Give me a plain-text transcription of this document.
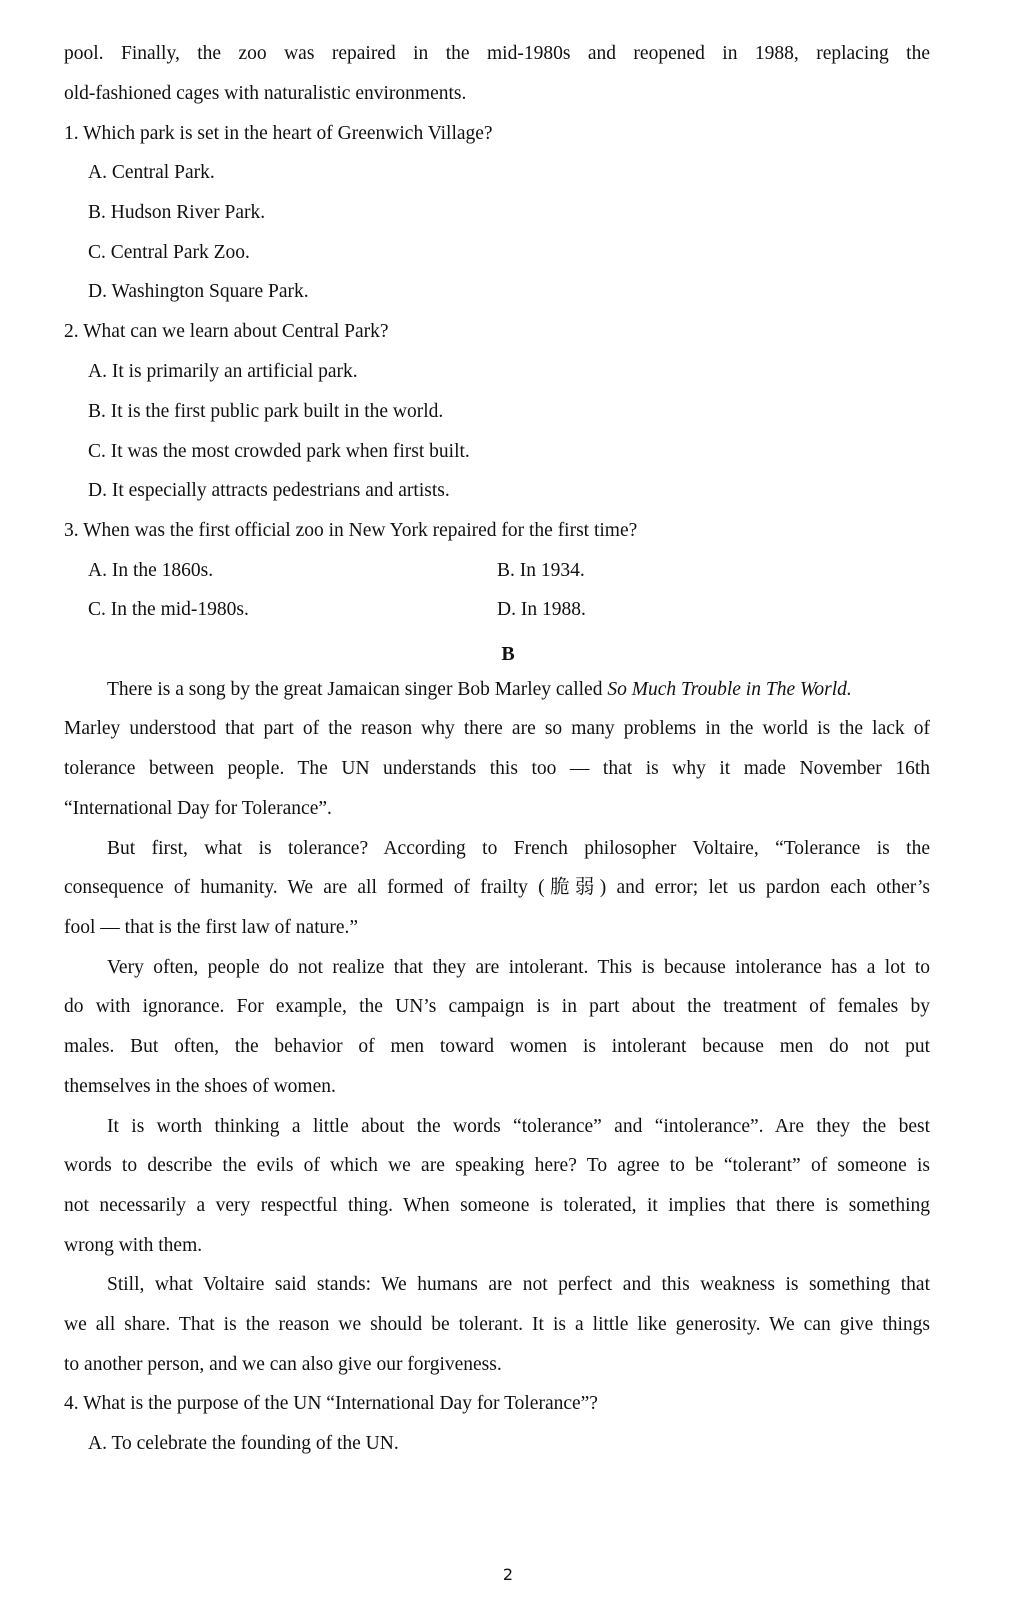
pool. Finally, the zoo was repaired in the mid-1980s and reopened in 1988, replacing the
old-fashioned cages with naturalistic environments.
1. Which park is set in the heart of Greenwich Village?
A. Central Park.
B. Hudson River Park.
C. Central Park Zoo.
D. Washington Square Park.
2. What can we learn about Central Park?
A. It is primarily an artificial park.
B. It is the first public park built in the world.
C. It was the most crowded park when first built.
D. It especially attracts pedestrians and artists.
3. When was the first official zoo in New York repaired for the first time?
A. In the 1860s.	B. In 1934.
C. In the mid-1980s.	D. In 1988.
B
There is a song by the great Jamaican singer Bob Marley called So Much Trouble in The World.
Marley understood that part of the reason why there are so many problems in the world is the lack of
tolerance between people. The UN understands this too — that is why it made November 16th
“International Day for Tolerance”.
But first, what is tolerance? According to French philosopher Voltaire, “Tolerance is the
consequence of humanity. We are all formed of frailty (脆弱) and error; let us pardon each other’s
fool — that is the first law of nature.”
Very often, people do not realize that they are intolerant. This is because intolerance has a lot to
do with ignorance. For example, the UN’s campaign is in part about the treatment of females by
males. But often, the behavior of men toward women is intolerant because men do not put
themselves in the shoes of women.
It is worth thinking a little about the words “tolerance” and “intolerance”. Are they the best
words to describe the evils of which we are speaking here? To agree to be “tolerant” of someone is
not necessarily a very respectful thing. When someone is tolerated, it implies that there is something
wrong with them.
Still, what Voltaire said stands: We humans are not perfect and this weakness is something that
we all share. That is the reason we should be tolerant. It is a little like generosity. We can give things
to another person, and we can also give our forgiveness.
4. What is the purpose of the UN “International Day for Tolerance”?
A. To celebrate the founding of the UN.
2
